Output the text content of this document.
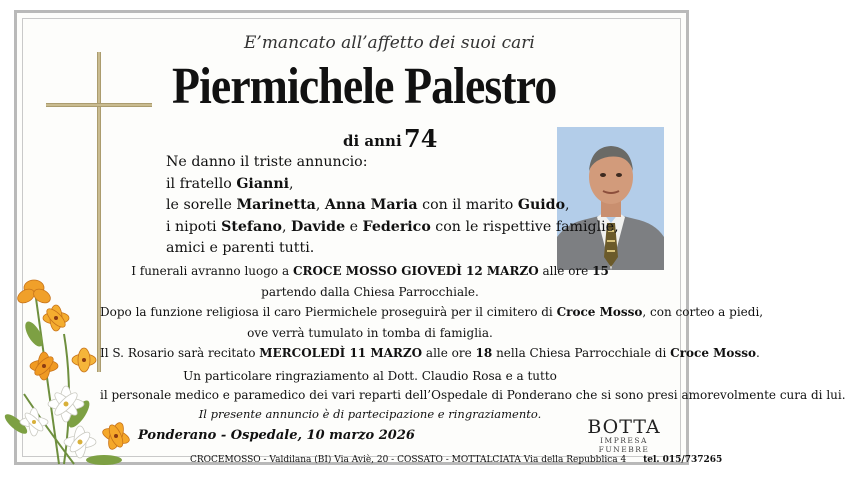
E’mancato all’affetto dei suoi cari
Piermichele Palestro
di anni 74
Ne danno il triste annuncio:
il fratello Gianni,
le sorelle Marinetta, Anna Maria con il marito Guido,
i nipoti Stefano, Davide e Federico con le rispettive famiglie,
amici e parenti tutti.
I funerali avranno luogo a CROCE MOSSO GIOVEDÌ 12 MARZO alle ore 15
partendo dalla Chiesa Parrocchiale.
Dopo la funzione religiosa il caro Piermichele proseguirà per il cimitero di Croce Mosso, con corteo a piedi,
ove verrà tumulato in tomba di famiglia.
Il S. Rosario sarà recitato MERCOLEDÌ 11 MARZO alle ore 18 nella Chiesa Parrocchiale di Croce Mosso.
Un particolare ringraziamento al Dott. Claudio Rosa e a tutto
il personale medico e paramedico dei vari reparti dell’Ospedale di Ponderano che si sono presi amorevolmente cura di lui.
Il presente annuncio è di partecipazione e ringraziamento.
Ponderano - Ospedale, 10 marzo 2026	BOTTA
IMPRESA FUNEBRE
CROCEMOSSO - Valdilana (BI) Via Aviè, 20 - COSSATO - MOTTALCIATA Via della Repubblica 4 tel. 015/737265
